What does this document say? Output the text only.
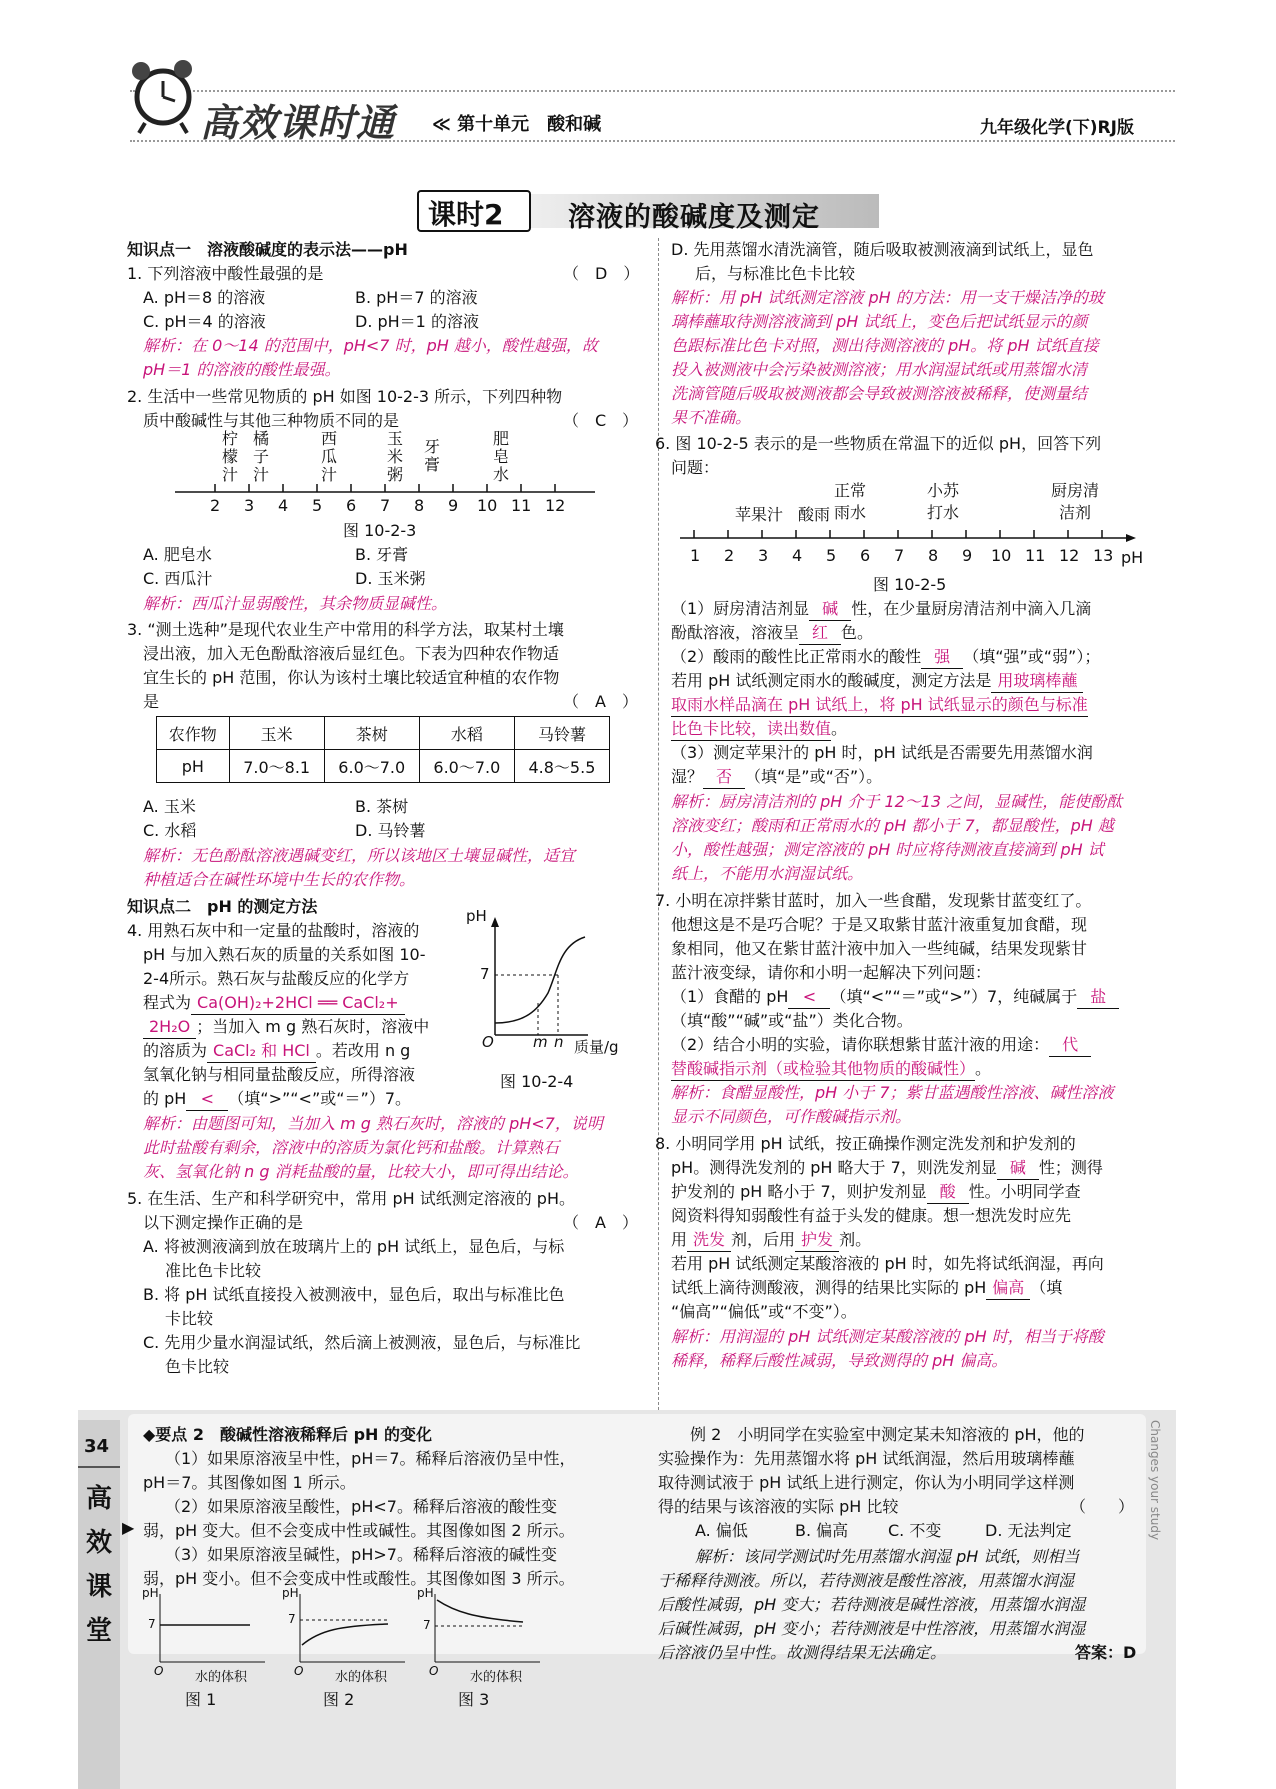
高效课时通 ≪ 第十单元　酸和碱	九年级化学(下)RJ版
课时2 溶液的酸碱度及测定
知识点一　溶液酸碱度的表示法——pH
1. 下列溶液中酸性最强的是	（　D　）
A. pH＝8 的溶液	B. pH＝7 的溶液
C. pH＝4 的溶液	D. pH＝1 的溶液
解析：在 0～14 的范围中，pH<7 时，pH 越小，酸性越强，故
pH＝1 的溶液的酸性最强。
2. 生活中一些常见物质的 pH 如图 10-2-3 所示，下列四种物
质中酸碱性与其他三种物质不同的是	（　C　）
柠檬汁
橘子汁
西瓜汁
玉米粥
牙膏
肥皂水
2 3 4 5 6 7 8 9 10 11 12
图 10-2-3
A. 肥皂水	B. 牙膏
C. 西瓜汁	D. 玉米粥
解析：西瓜汁显弱酸性，其余物质显碱性。
3. “测土选种”是现代农业生产中常用的科学方法，取某村土壤
浸出液，加入无色酚酞溶液后显红色。下表为四种农作物适
宜生长的 pH 范围，你认为该村土壤比较适宜种植的农作物
是	（　A　）
农作物	玉米	茶树	水稻	马铃薯
pH	7.0～8.1	6.0～7.0	6.0～7.0	4.8～5.5
A. 玉米	B. 茶树
C. 水稻	D. 马铃薯
解析：无色酚酞溶液遇碱变红，所以该地区土壤显碱性，适宜
种植适合在碱性环境中生长的农作物。
知识点二　pH 的测定方法
4. 用熟石灰中和一定量的盐酸时，溶液的
pH 与加入熟石灰的质量的关系如图 10-
2-4所示。熟石灰与盐酸反应的化学方
程式为 Ca(OH)₂+2HCl ══ CaCl₂+
2H₂O ；当加入 m g 熟石灰时，溶液中
的溶质为 CaCl₂ 和 HCl 。若改用 n g
氢氧化钠与相同量盐酸反应，所得溶液
的 pH < （填“>”“<”或“＝”）7。
pH
7
O	m n 质量/g
图 10-2-4
解析：由题图可知，当加入 m g 熟石灰时，溶液的 pH<7，说明
此时盐酸有剩余，溶液中的溶质为氯化钙和盐酸。计算熟石
灰、氢氧化钠 n g 消耗盐酸的量，比较大小，即可得出结论。
5. 在生活、生产和科学研究中，常用 pH 试纸测定溶液的 pH。
以下测定操作正确的是	（　A　）
A. 将被测液滴到放在玻璃片上的 pH 试纸上，显色后，与标
准比色卡比较
B. 将 pH 试纸直接投入被测液中，显色后，取出与标准比色
卡比较
C. 先用少量水润湿试纸，然后滴上被测液，显色后，与标准比
色卡比较
D. 先用蒸馏水清洗滴管，随后吸取被测液滴到试纸上，显色
后，与标准比色卡比较
解析：用 pH 试纸测定溶液 pH 的方法：用一支干燥洁净的玻
璃棒蘸取待测溶液滴到 pH 试纸上，变色后把试纸显示的颜
色跟标准比色卡对照，测出待测溶液的 pH。将 pH 试纸直接
投入被测液中会污染被测溶液；用水润湿试纸或用蒸馏水清
洗滴管随后吸取被测液都会导致被测溶液被稀释，使测量结
果不准确。
6. 图 10-2-5 表示的是一些物质在常温下的近似 pH，回答下列
问题：
苹果汁 酸雨
正常雨水
小苏打水
厨房清洁剂
1 2 3 4 5 6 7 8 9 10 11 12 13 pH
图 10-2-5
（1）厨房清洁剂显 碱 性，在少量厨房清洁剂中滴入几滴
酚酞溶液，溶液呈 红 色。
（2）酸雨的酸性比正常雨水的酸性 强 （填“强”或“弱”）；
若用 pH 试纸测定雨水的酸碱度，测定方法是 用玻璃棒蘸
取雨水样品滴在 pH 试纸上，将 pH 试纸显示的颜色与标准
比色卡比较，读出数值。
（3）测定苹果汁的 pH 时，pH 试纸是否需要先用蒸馏水润
湿？ 否 （填“是”或“否”）。
解析：厨房清洁剂的 pH 介于 12～13 之间，显碱性，能使酚酞
溶液变红；酸雨和正常雨水的 pH 都小于 7，都显酸性，pH 越
小，酸性越强；测定溶液的 pH 时应将待测液直接滴到 pH 试
纸上，不能用水润湿试纸。
7. 小明在凉拌紫甘蓝时，加入一些食醋，发现紫甘蓝变红了。
他想这是不是巧合呢？于是又取紫甘蓝汁液重复加食醋，现
象相同，他又在紫甘蓝汁液中加入一些纯碱，结果发现紫甘
蓝汁液变绿，请你和小明一起解决下列问题：
（1）食醋的 pH < （填“<”“＝”或“>”）7，纯碱属于 盐
（填“酸”“碱”或“盐”）类化合物。
（2）结合小明的实验，请你联想紫甘蓝汁液的用途： 代
替酸碱指示剂（或检验其他物质的酸碱性）。
解析：食醋显酸性，pH 小于 7；紫甘蓝遇酸性溶液、碱性溶液
显示不同颜色，可作酸碱指示剂。
8. 小明同学用 pH 试纸，按正确操作测定洗发剂和护发剂的
pH。测得洗发剂的 pH 略大于 7，则洗发剂显 碱 性；测得
护发剂的 pH 略小于 7，则护发剂显 酸 性。小明同学查
阅资料得知弱酸性有益于头发的健康。想一想洗发时应先
用 洗发 剂，后用 护发 剂。
若用 pH 试纸测定某酸溶液的 pH 时，如先将试纸润湿，再向
试纸上滴待测酸液，测得的结果比实际的 pH 偏高 （填
“偏高”“偏低”或“不变”）。
解析：用润湿的 pH 试纸测定某酸溶液的 pH 时，相当于将酸
稀释，稀释后酸性减弱，导致测得的 pH 偏高。
34
高
效
课
堂
▶	Changes your study
◆要点 2　酸碱性溶液稀释后 pH 的变化
（1）如果原溶液呈中性，pH＝7。稀释后溶液仍呈中性，
pH＝7。其图像如图 1 所示。
（2）如果原溶液呈酸性，pH<7。稀释后溶液的酸性变
弱，pH 变大。但不会变成中性或碱性。其图像如图 2 所示。
（3）如果原溶液呈碱性，pH>7。稀释后溶液的碱性变
弱，pH 变小。但不会变成中性或酸性。其图像如图 3 所示。
pH
7
O 水的体积
pH
7
O 水的体积
pH
7
O 水的体积
图 1	图 2	图 3
例 2　小明同学在实验室中测定某未知溶液的 pH，他的
实验操作为：先用蒸馏水将 pH 试纸润湿，然后用玻璃棒蘸
取待测试液于 pH 试纸上进行测定，你认为小明同学这样测
得的结果与该溶液的实际 pH 比较	（　　）
A. 偏低	B. 偏高 C. 不变	D. 无法判定
解析：该同学测试时先用蒸馏水润湿 pH 试纸，则相当
于稀释待测液。所以，若待测液是酸性溶液，用蒸馏水润湿
后酸性减弱，pH 变大；若待测液是碱性溶液，用蒸馏水润湿
后碱性减弱，pH 变小；若待测液是中性溶液，用蒸馏水润湿
后溶液仍呈中性。故测得结果无法确定。	答案：D
